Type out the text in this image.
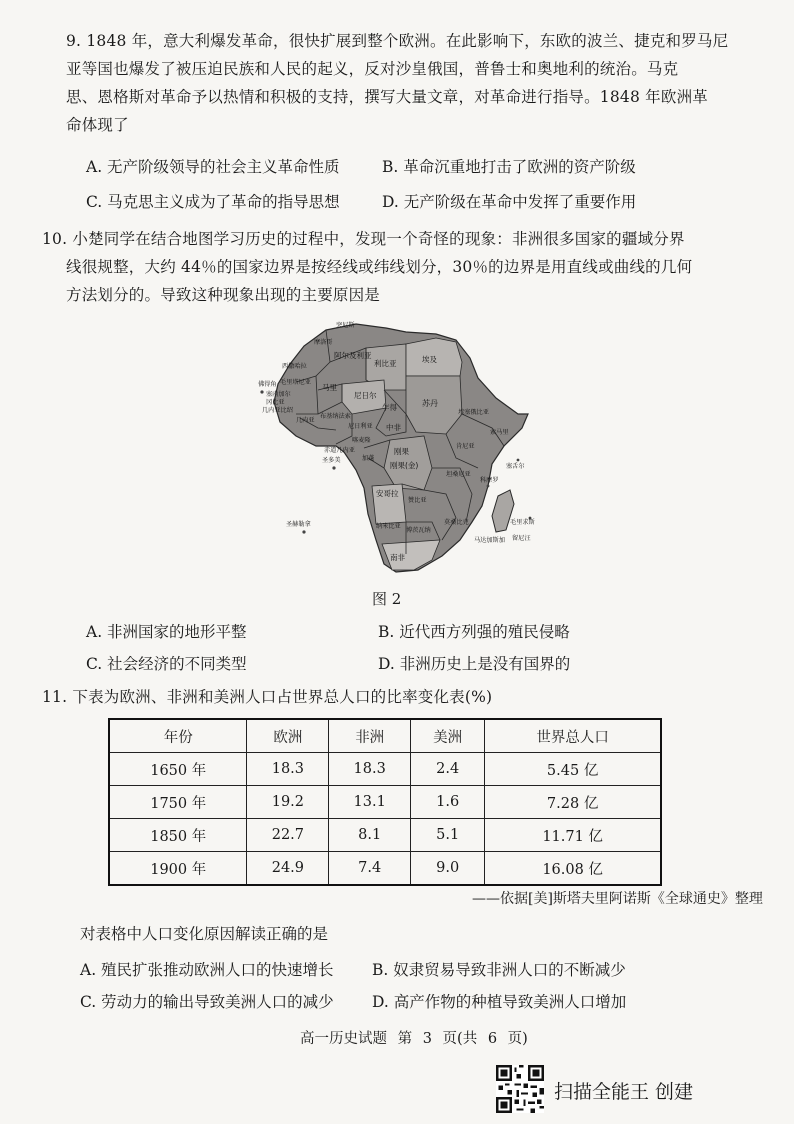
9. 1848 年，意大利爆发革命，很快扩展到整个欧洲。在此影响下，东欧的波兰、捷克和罗马尼
亚等国也爆发了被压迫民族和人民的起义，反对沙皇俄国，普鲁士和奥地利的统治。马克
思、恩格斯对革命予以热情和积极的支持，撰写大量文章，对革命进行指导。1848 年欧洲革
命体现了
A. 无产阶级领导的社会主义革命性质	B. 革命沉重地打击了欧洲的资产阶级
C. 马克思主义成为了革命的指导思想	D. 无产阶级在革命中发挥了重要作用
10. 小楚同学在结合地图学习历史的过程中，发现一个奇怪的现象：非洲很多国家的疆域分界
线很规整，大约 44％的国家边界是按经线或纬线划分，30％的边界是用直线或曲线的几何
方法划分的。导致这种现象出现的主要原因是
突尼斯
摩洛哥
阿尔及利亚
利比亚	埃及
西撒哈拉
毛里塔尼亚
马里
尼日尔
乍得	苏丹
佛得角
塞内加尔
冈比亚
几内亚比绍
几内亚
布基纳法索
埃塞俄比亚
索马里
尼日利亚
喀麦隆
中非
赤道几内亚
圣多美	加蓬
刚果
刚果(金)
肯尼亚
坦桑尼亚
安哥拉
赞比亚
纳米比亚
博茨瓦纳
南非
莫桑比克
马达加斯加
毛里求斯
科摩罗
塞舌尔
留尼汪
圣赫勒拿
图 2
A. 非洲国家的地形平整	B. 近代西方列强的殖民侵略
C. 社会经济的不同类型	D. 非洲历史上是没有国界的
11. 下表为欧洲、非洲和美洲人口占世界总人口的比率变化表(%)
年份	欧洲	非洲	美洲	世界总人口
1650 年	18.3	18.3	2.4	5.45 亿
1750 年	19.2	13.1	1.6	7.28 亿
1850 年	22.7	8.1	5.1	11.71 亿
1900 年	24.9	7.4	9.0	16.08 亿
——依据[美]斯塔夫里阿诺斯《全球通史》整理
对表格中人口变化原因解读正确的是
A. 殖民扩张推动欧洲人口的快速增长 B. 奴隶贸易导致非洲人口的不断减少
C. 劳动力的输出导致美洲人口的减少 D. 高产作物的种植导致美洲人口增加
高一历史试题 第 3 页(共 6 页)
扫描全能王 创建
